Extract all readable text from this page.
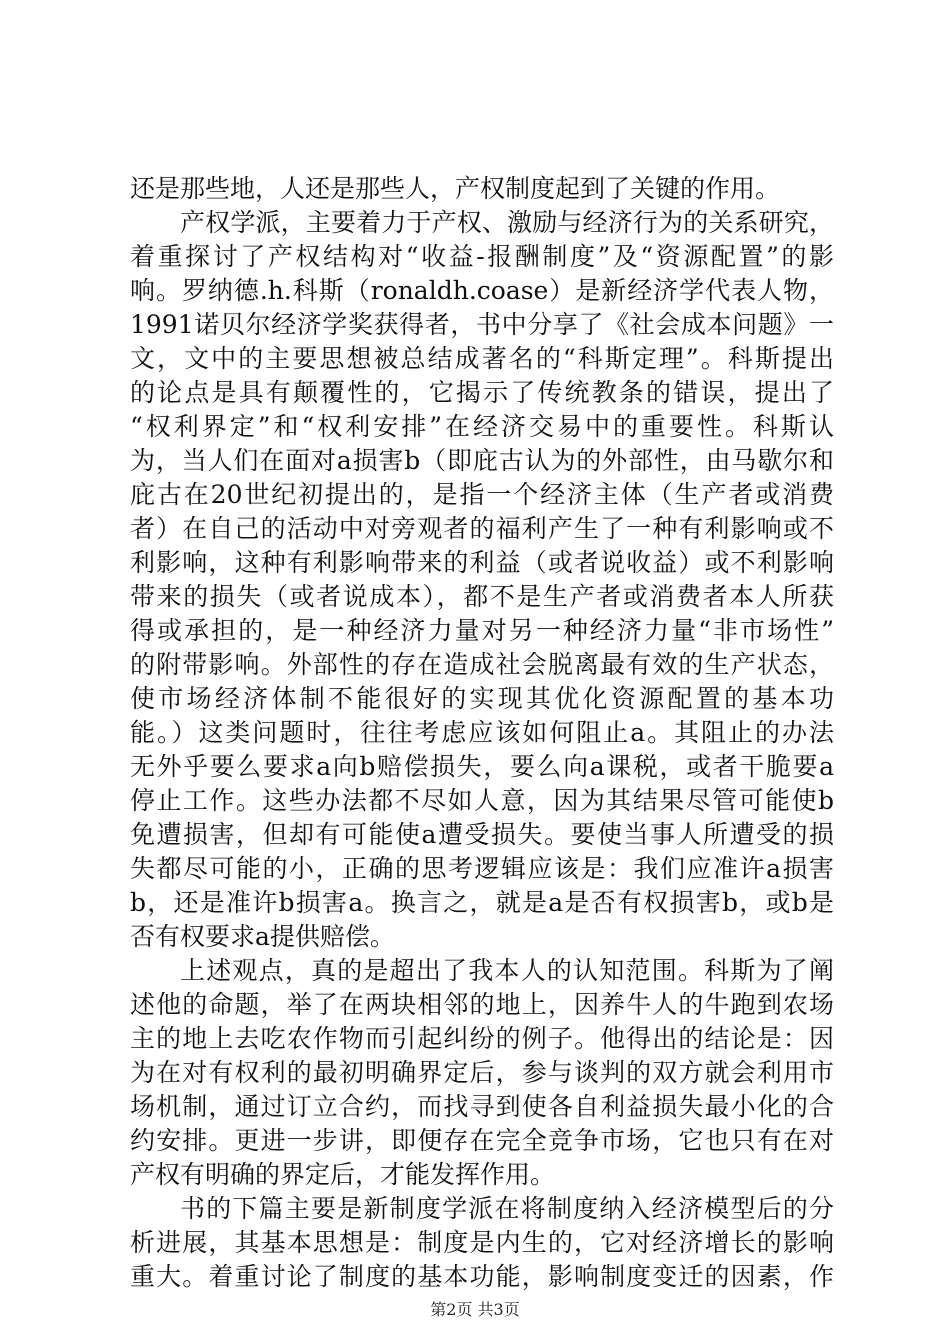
还是那些地，人还是那些人，产权制度起到了关键的作用。
产权学派，主要着力于产权、激励与经济行为的关系研究，
着重探讨了产权结构对“收益-报酬制度”及“资源配置”的影
响。罗纳德.h.科斯（ronaldh.coase）是新经济学代表人物，
1991诺贝尔经济学奖获得者，书中分享了《社会成本问题》一
文，文中的主要思想被总结成著名的“科斯定理”。科斯提出
的论点是具有颠覆性的，它揭示了传统教条的错误，提出了
“权利界定”和“权利安排”在经济交易中的重要性。科斯认
为，当人们在面对a损害b（即庇古认为的外部性，由马歇尔和
庇古在20世纪初提出的，是指一个经济主体（生产者或消费
者）在自己的活动中对旁观者的福利产生了一种有利影响或不
利影响，这种有利影响带来的利益（或者说收益）或不利影响
带来的损失（或者说成本），都不是生产者或消费者本人所获
得或承担的，是一种经济力量对另一种经济力量“非市场性”
的附带影响。外部性的存在造成社会脱离最有效的生产状态，
使市场经济体制不能很好的实现其优化资源配置的基本功
能。）这类问题时，往往考虑应该如何阻止a。其阻止的办法
无外乎要么要求a向b赔偿损失，要么向a课税，或者干脆要a
停止工作。这些办法都不尽如人意，因为其结果尽管可能使b
免遭损害，但却有可能使a遭受损失。要使当事人所遭受的损
失都尽可能的小，正确的思考逻辑应该是：我们应准许a损害
b，还是准许b损害a。换言之，就是a是否有权损害b，或b是
否有权要求a提供赔偿。
上述观点，真的是超出了我本人的认知范围。科斯为了阐
述他的命题，举了在两块相邻的地上，因养牛人的牛跑到农场
主的地上去吃农作物而引起纠纷的例子。他得出的结论是：因
为在对有权利的最初明确界定后，参与谈判的双方就会利用市
场机制，通过订立合约，而找寻到使各自利益损失最小化的合
约安排。更进一步讲，即便存在完全竞争市场，它也只有在对
产权有明确的界定后，才能发挥作用。
书的下篇主要是新制度学派在将制度纳入经济模型后的分
析进展，其基本思想是：制度是内生的，它对经济增长的影响
重大。着重讨论了制度的基本功能，影响制度变迁的因素，作
第2页 共3页
